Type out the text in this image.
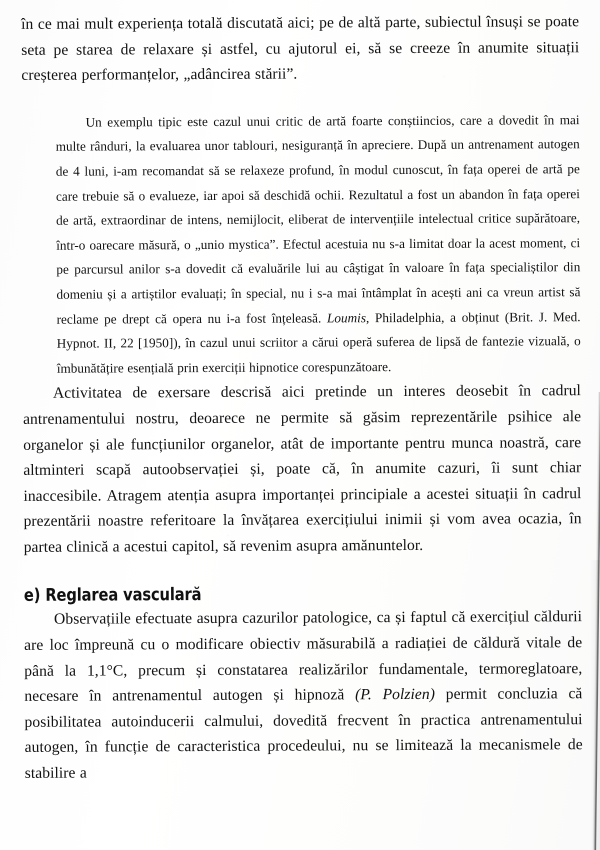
în ce mai mult experiența totală discutată aici; pe de altă parte, subiectul însuși se poate seta pe starea de relaxare și astfel, cu ajutorul ei, să se creeze în anumite situații creșterea performanțelor, „adâncirea stării”.

Un exemplu tipic este cazul unui critic de artă foarte conștiincios, care a dovedit în mai multe rânduri, la evaluarea unor tablouri, nesiguranță în apreciere. După un antrenament autogen de 4 luni, i-am recomandat să se relaxeze profund, în modul cunoscut, în fața operei de artă pe care trebuie să o evalueze, iar apoi să deschidă ochii. Rezultatul a fost un abandon în fața operei de artă, extraordinar de intens, nemijlocit, eliberat de intervențiile intelectual critice supărătoare, într-o oarecare măsură, o „unio mystica”. Efectul acestuia nu s-a limitat doar la acest moment, ci pe parcursul anilor s-a dovedit că evaluările lui au câștigat în valoare în fața specialiștilor din domeniu și a artiștilor evaluați; în special, nu i s-a mai întâmplat în acești ani ca vreun artist să reclame pe drept că opera nu i-a fost înțeleasă. Loumis, Philadelphia, a obținut (Brit. J. Med. Hypnot. II, 22 [1950]), în cazul unui scriitor a cărui operă suferea de lipsă de fantezie vizuală, o îmbunătățire esențială prin exerciții hipnotice corespunzătoare.

Activitatea de exersare descrisă aici pretinde un interes deosebit în cadrul antrenamentului nostru, deoarece ne permite să găsim reprezentările psihice ale organelor și ale funcțiunilor organelor, atât de importante pentru munca noastră, care altminteri scapă autoobservației și, poate că, în anumite cazuri, îi sunt chiar inaccesibile. Atragem atenția asupra importanței principiale a acestei situații în cadrul prezentării noastre referitoare la învățarea exercițiului inimii și vom avea ocazia, în partea clinică a acestui capitol, să revenim asupra amănuntelor.

e) Reglarea vasculară

Observațiile efectuate asupra cazurilor patologice, ca și faptul că exercițiul căldurii are loc împreună cu o modificare obiectiv măsurabilă a radiației de căldură vitale de până la 1,1°C, precum și constatarea realizărilor fundamentale, termoreglatoare, necesare în antrenamentul autogen și hipnoză (P. Polzien) permit concluzia că posibilitatea autoinducerii calmului, dovedită frecvent în practica antrenamentului autogen, în funcție de caracteristica procedeului, nu se limitează la mecanismele de stabilire a
